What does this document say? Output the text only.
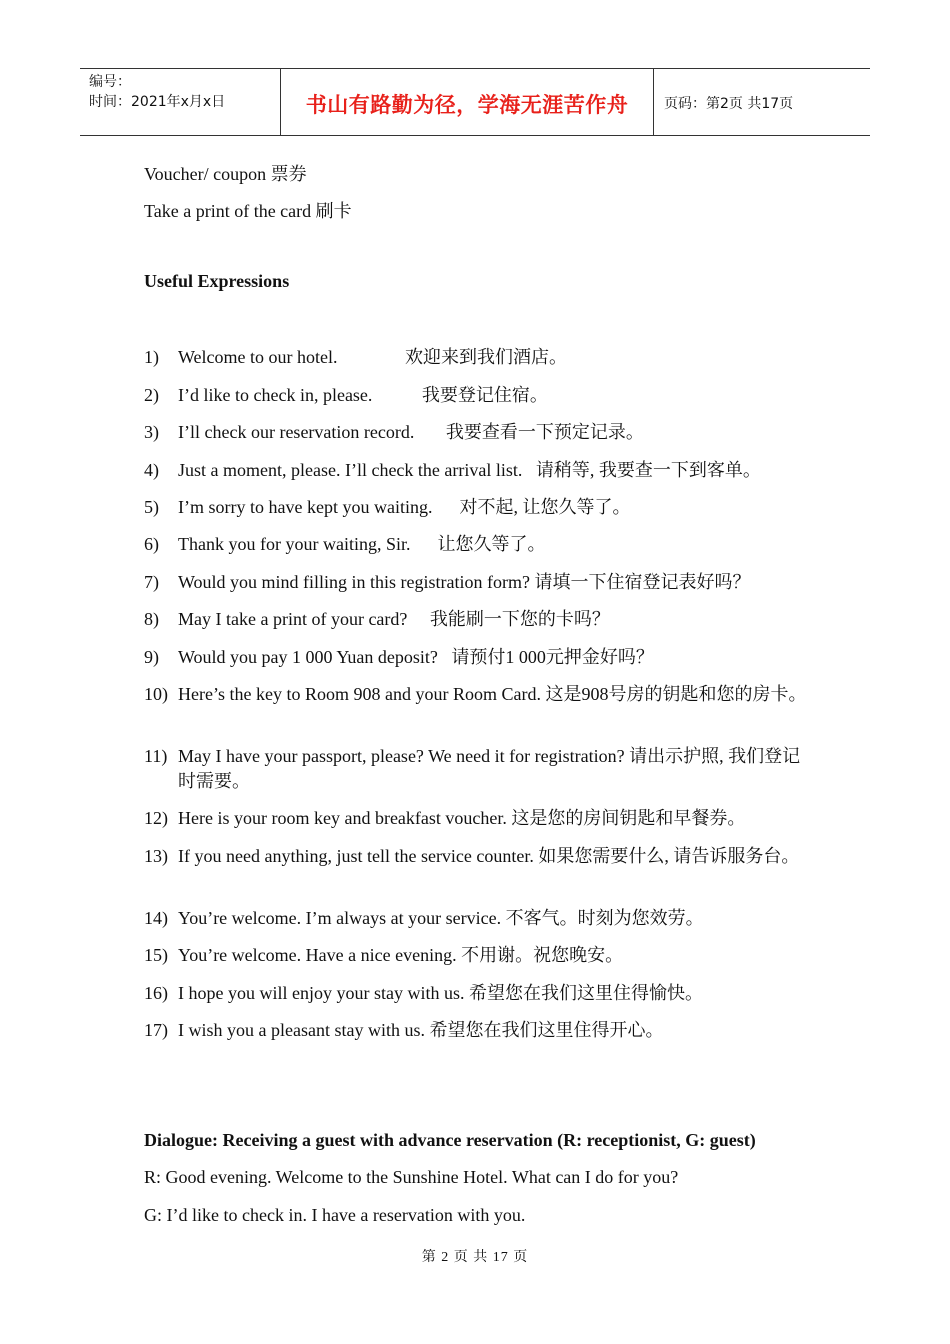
编号：
时间：2021年x月x日	书山有路勤为径，学海无涯苦作舟	页码：第2页 共17页
Voucher/ coupon 票券
Take a print of the card 刷卡
Useful Expressions
1) Welcome to our hotel.               欢迎来到我们酒店。
2) I’d like to check in, please.           我要登记住宿。
3) I’ll check our reservation record.       我要查看一下预定记录。
4) Just a moment, please. I’ll check the arrival list.   请稍等, 我要查一下到客单。
5) I’m sorry to have kept you waiting.      对不起, 让您久等了。
6) Thank you for your waiting, Sir.      让您久等了。
7) Would you mind filling in this registration form? 请填一下住宿登记表好吗？
8) May I take a print of your card?     我能刷一下您的卡吗？
9) Would you pay 1 000 Yuan deposit?   请预付1 000元押金好吗？
10) Here’s the key to Room 908 and your Room Card. 这是908号房的钥匙和您的房卡。
11) May I have your passport, please? We need it for registration? 请出示护照, 我们登记时需要。
12) Here is your room key and breakfast voucher. 这是您的房间钥匙和早餐券。
13) If you need anything, just tell the service counter. 如果您需要什么, 请告诉服务台。
14) You’re welcome. I’m always at your service. 不客气。时刻为您效劳。
15) You’re welcome. Have a nice evening. 不用谢。祝您晚安。
16) I hope you will enjoy your stay with us. 希望您在我们这里住得愉快。
17) I wish you a pleasant stay with us. 希望您在我们这里住得开心。
Dialogue: Receiving a guest with advance reservation (R: receptionist, G: guest)
R: Good evening. Welcome to the Sunshine Hotel. What can I do for you?
G: I’d like to check in. I have a reservation with you.
第 2 页 共 17 页
